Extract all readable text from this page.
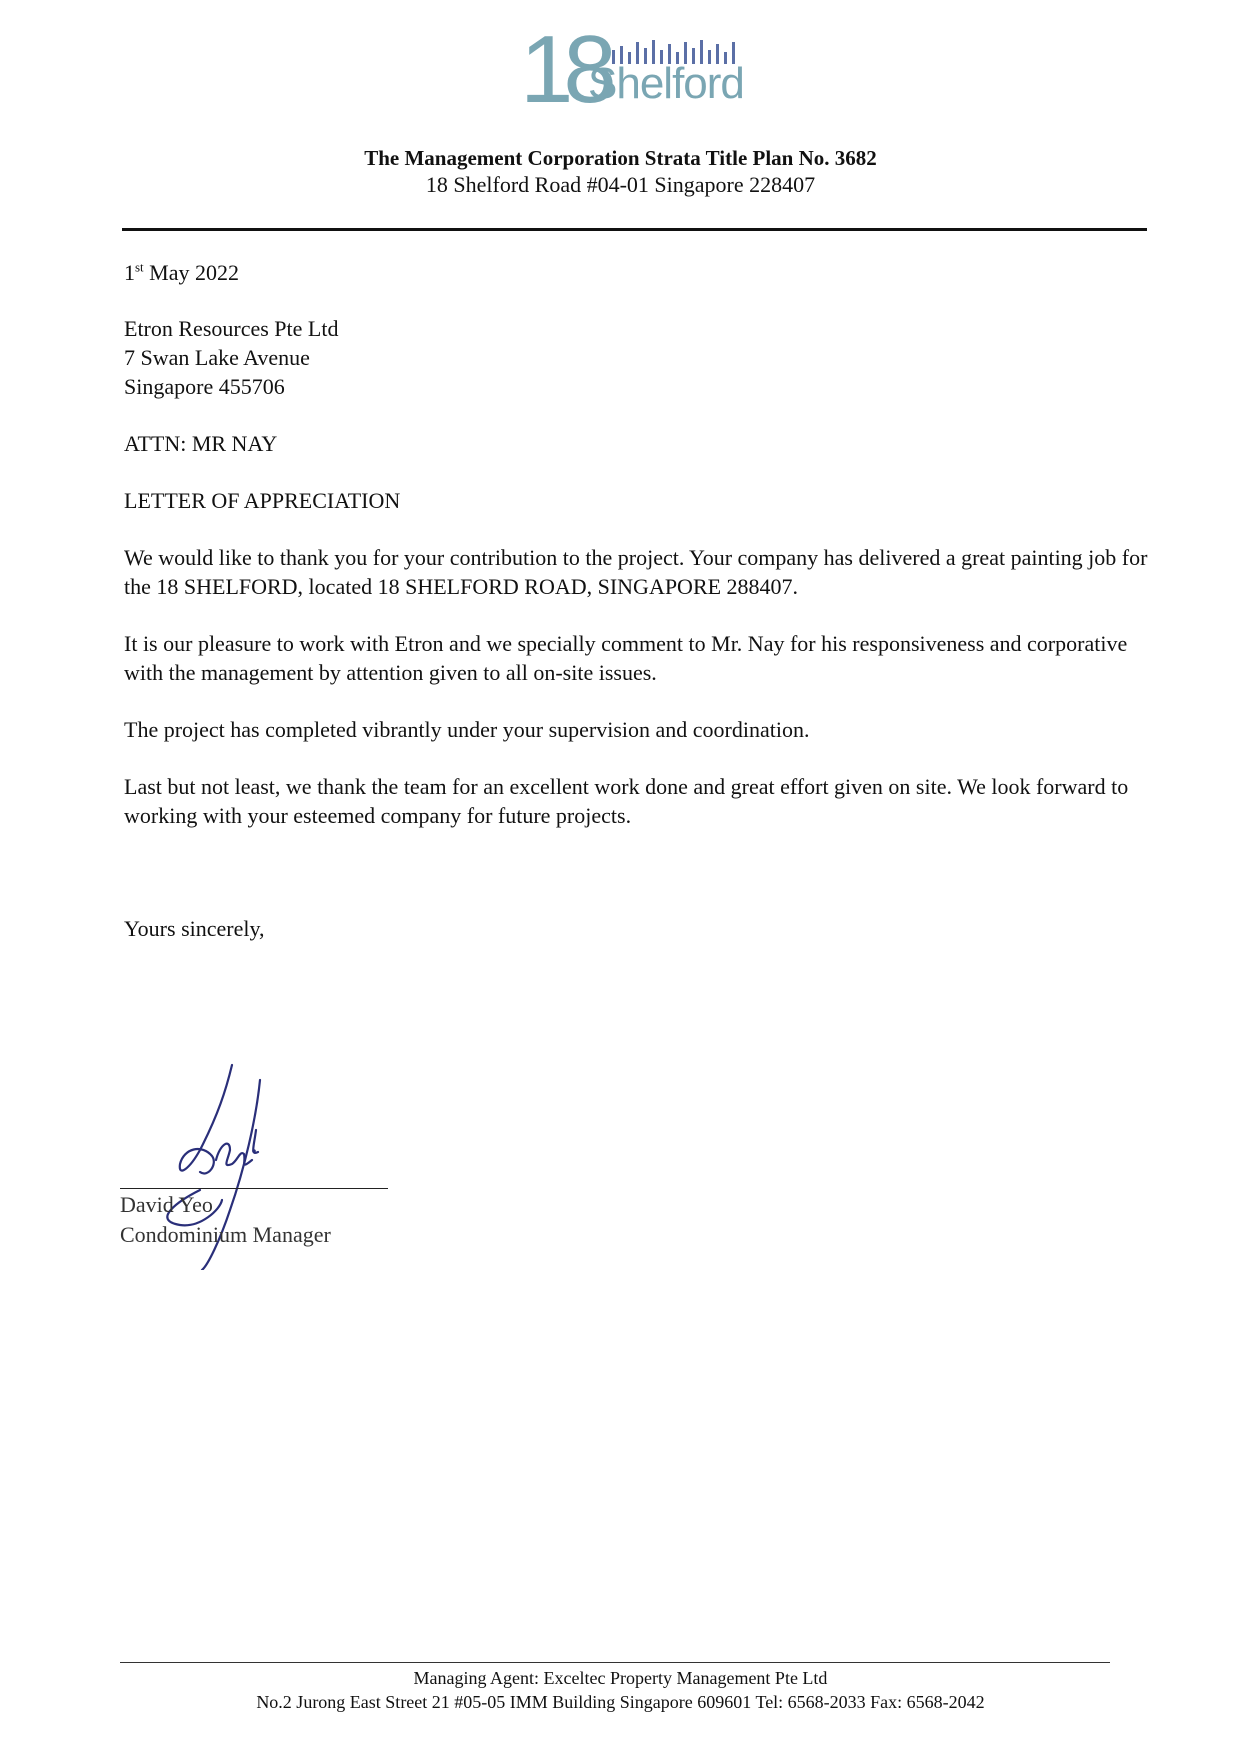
18
Shelford
The Management Corporation Strata Title Plan No. 3682
18 Shelford Road #04-01 Singapore 228407

1st May 2022

Etron Resources Pte Ltd

7 Swan Lake Avenue

Singapore 455706

ATTN: MR NAY

LETTER OF APPRECIATION

We would like to thank you for your contribution to the project. Your company has delivered a great painting job for the 18 SHELFORD, located 18 SHELFORD ROAD, SINGAPORE 288407.

It is our pleasure to work with Etron and we specially comment to Mr. Nay for his responsiveness and corporative with the management by attention given to all on-site issues.

The project has completed vibrantly under your supervision and coordination.

Last but not least, we thank the team for an excellent work done and great effort given on site. We look forward to working with your esteemed company for future projects.

Yours sincerely,

David Yeo
Condominium Manager
Managing Agent: Exceltec Property Management Pte Ltd
No.2 Jurong East Street 21 #05-05 IMM Building Singapore 609601 Tel: 6568-2033 Fax: 6568-2042
